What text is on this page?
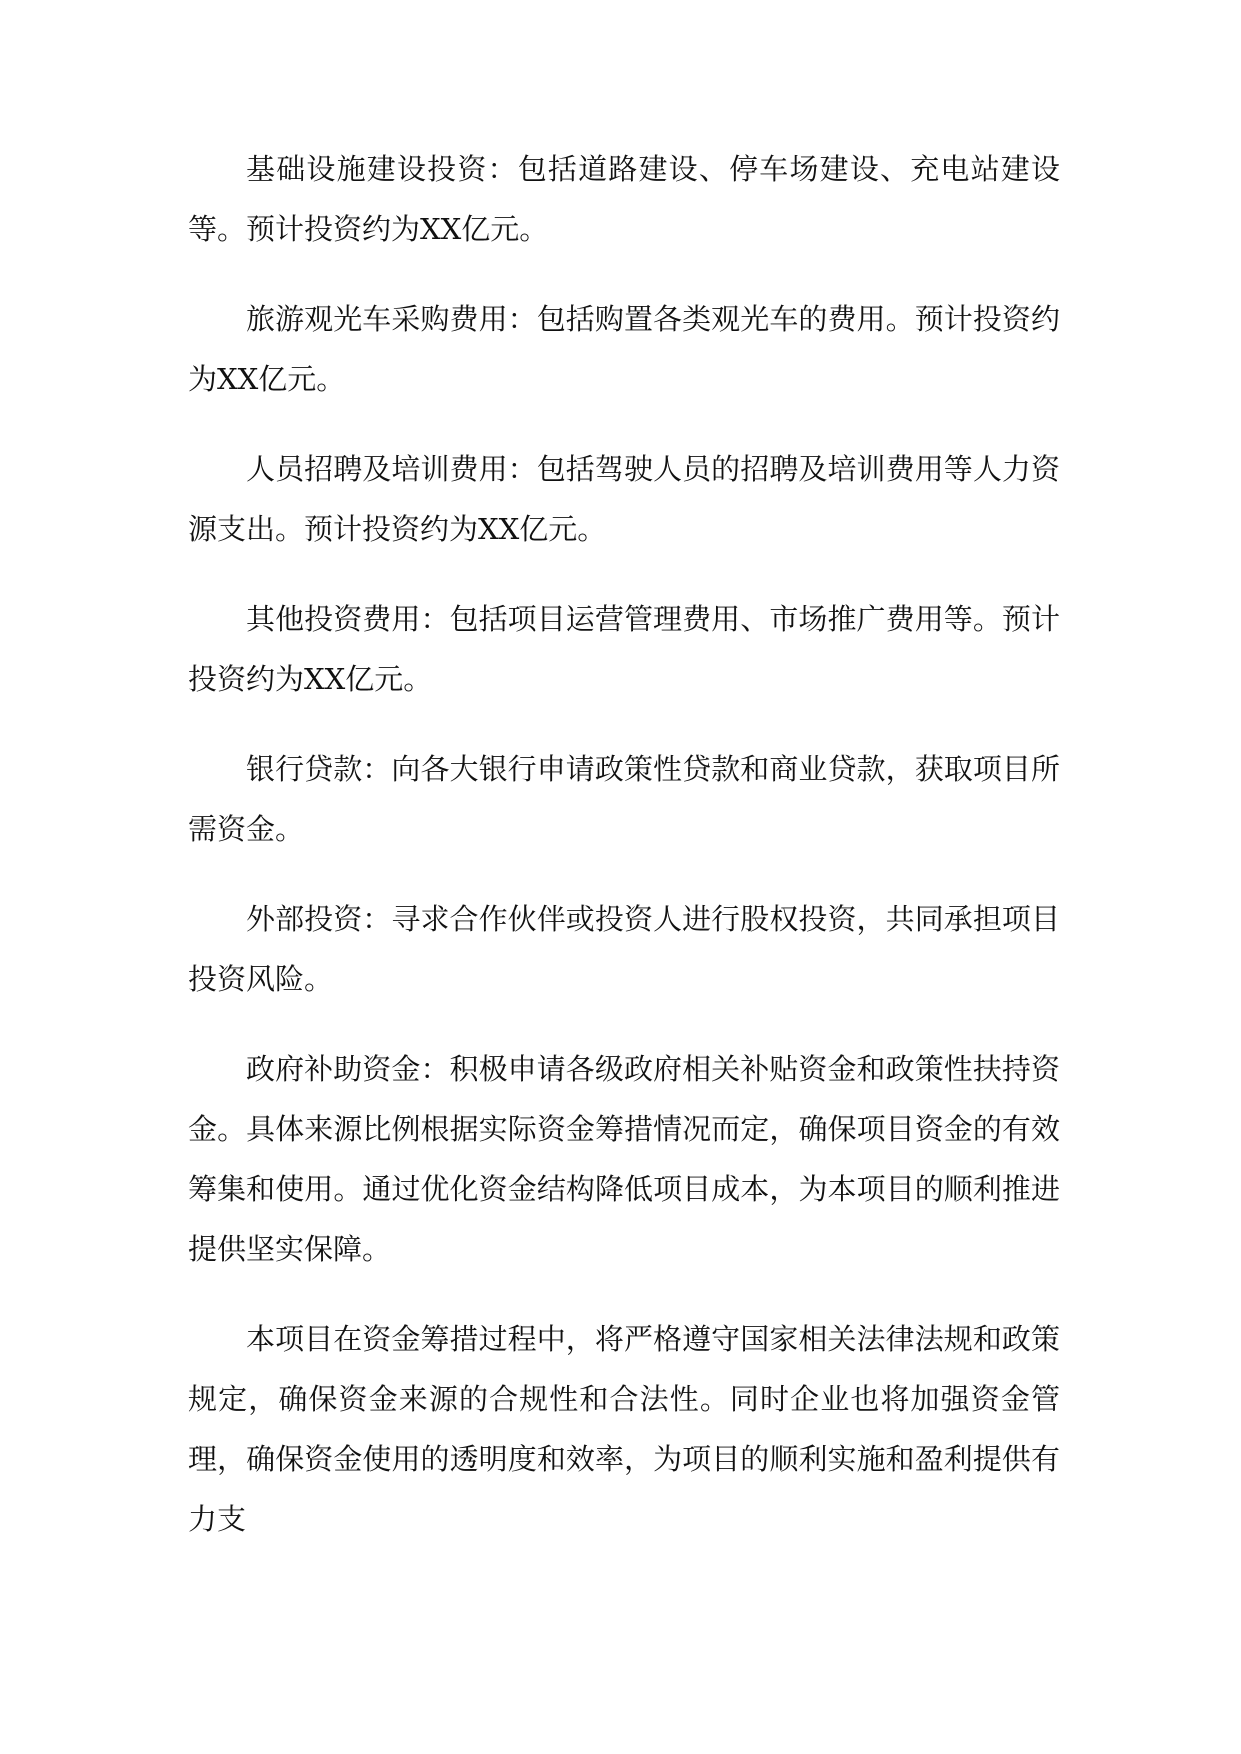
基础设施建设投资：包括道路建设、停车场建设、充电站建设等。预计投资约为XX亿元。

旅游观光车采购费用：包括购置各类观光车的费用。预计投资约为XX亿元。

人员招聘及培训费用：包括驾驶人员的招聘及培训费用等人力资源支出。预计投资约为XX亿元。

其他投资费用：包括项目运营管理费用、市场推广费用等。预计投资约为XX亿元。

银行贷款：向各大银行申请政策性贷款和商业贷款，获取项目所需资金。

外部投资：寻求合作伙伴或投资人进行股权投资，共同承担项目投资风险。

政府补助资金：积极申请各级政府相关补贴资金和政策性扶持资金。具体来源比例根据实际资金筹措情况而定，确保项目资金的有效筹集和使用。通过优化资金结构降低项目成本，为本项目的顺利推进提供坚实保障。

本项目在资金筹措过程中，将严格遵守国家相关法律法规和政策规定，确保资金来源的合规性和合法性。同时企业也将加强资金管理，确保资金使用的透明度和效率，为项目的顺利实施和盈利提供有力支
